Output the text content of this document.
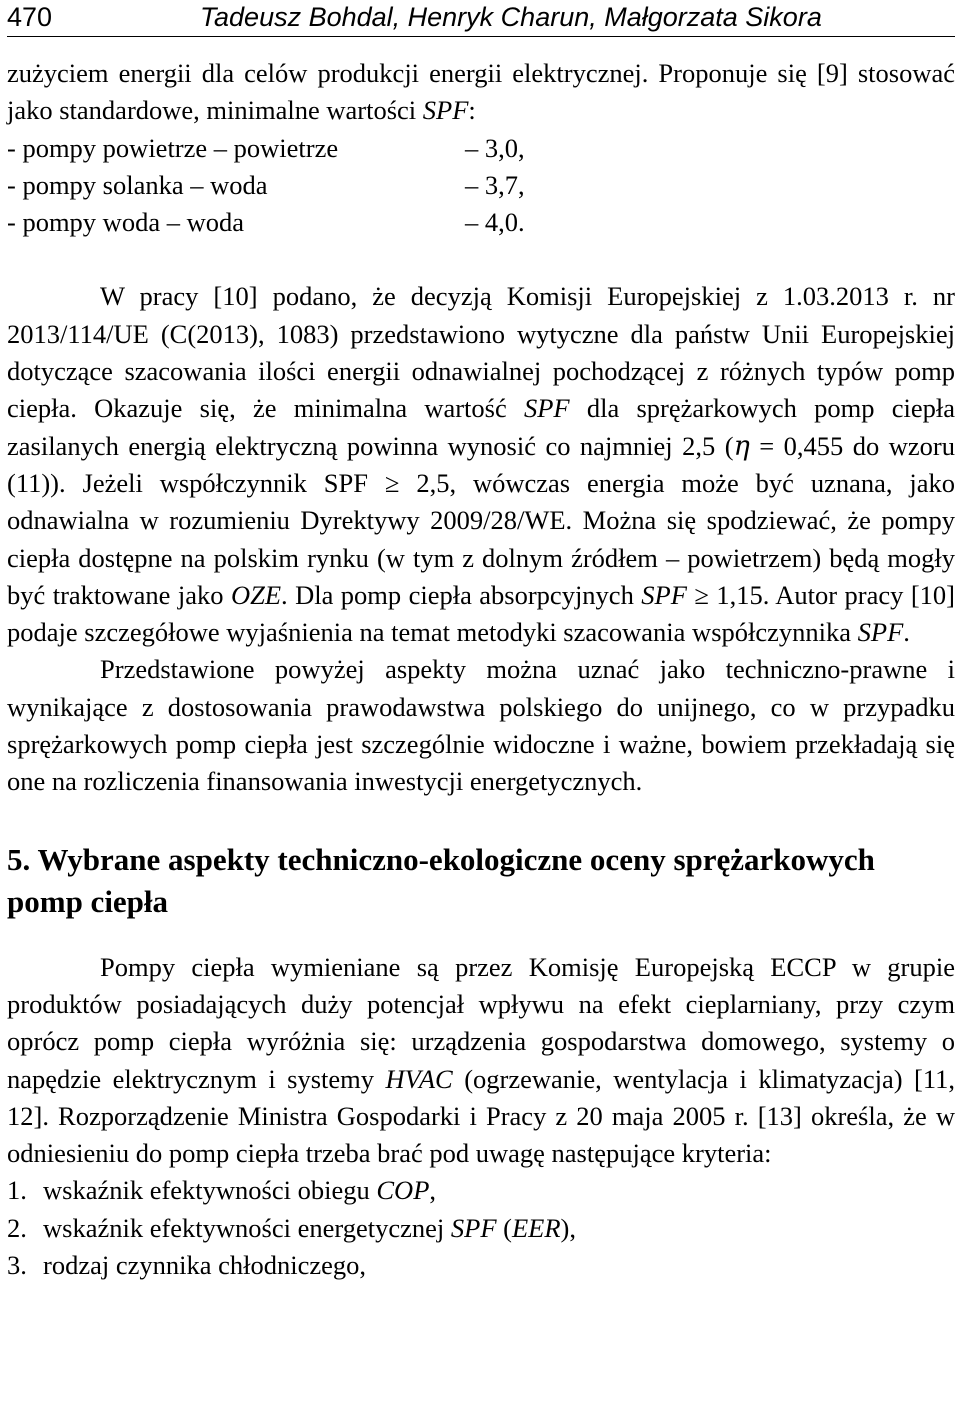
470	Tadeusz Bohdal, Henryk Charun, Małgorzata Sikora

zużyciem energii dla celów produkcji energii elektrycznej. Proponuje się [9] stosować jako standardowe, minimalne wartości SPF:

- pompy powietrze – powietrze	– 3,0,
- pompy solanka – woda	– 3,7,
- pompy woda – woda	– 4,0.

W pracy [10] podano, że decyzją Komisji Europejskiej z 1.03.2013 r. nr 2013/114/UE (C(2013), 1083) przedstawiono wytyczne dla państw Unii Europejskiej dotyczące szacowania ilości energii odnawialnej pochodzącej z różnych typów pomp ciepła. Okazuje się, że minimalna wartość SPF dla sprężarkowych pomp ciepła zasilanych energią elektryczną powinna wynosić co najmniej 2,5 (η = 0,455 do wzoru (11)). Jeżeli współczynnik SPF ≥ 2,5, wówczas energia może być uznana, jako odnawialna w rozumieniu Dyrektywy 2009/28/WE. Można się spodziewać, że pompy ciepła dostępne na polskim rynku (w tym z dolnym źródłem – powietrzem) będą mogły być traktowane jako OZE. Dla pomp ciepła absorpcyjnych SPF ≥ 1,15. Autor pracy [10] podaje szczegółowe wyjaśnienia na temat metodyki szacowania współczynnika SPF.

Przedstawione powyżej aspekty można uznać jako techniczno-prawne i wynikające z dostosowania prawodawstwa polskiego do unijnego, co w przypadku sprężarkowych pomp ciepła jest szczególnie widoczne i ważne, bowiem przekładają się one na rozliczenia finansowania inwestycji energetycznych.

5. Wybrane aspekty techniczno-ekologiczne oceny sprężarkowych pomp ciepła

Pompy ciepła wymieniane są przez Komisję Europejską ECCP w grupie produktów posiadających duży potencjał wpływu na efekt cieplarniany, przy czym oprócz pomp ciepła wyróżnia się: urządzenia gospodarstwa domowego, systemy o napędzie elektrycznym i systemy HVAC (ogrzewanie, wentylacja i klimatyzacja) [11, 12]. Rozporządzenie Ministra Gospodarki i Pracy z 20 maja 2005 r. [13] określa, że w odniesieniu do pomp ciepła trzeba brać pod uwagę następujące kryteria:

1. wskaźnik efektywności obiegu COP,
2. wskaźnik efektywności energetycznej SPF (EER),
3. rodzaj czynnika chłodniczego,
